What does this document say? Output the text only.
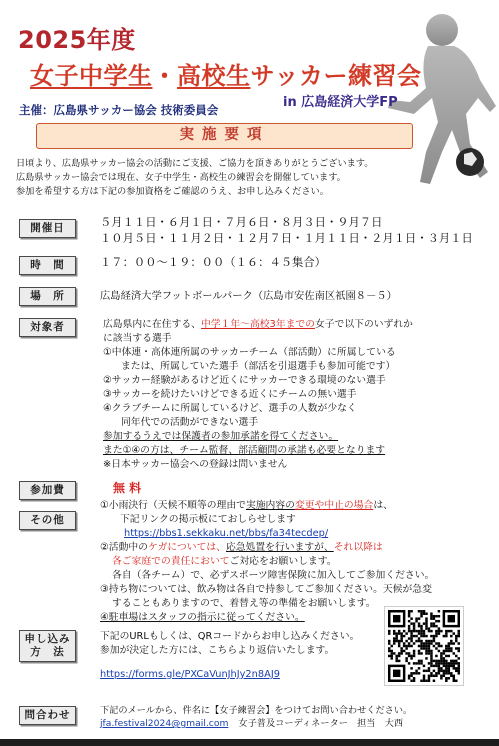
2025年度
女子中学生・高校生サッカー練習会
in 広島経済大学FP
主催：広島県サッカー協会 技術委員会
実施要項
日頃より、広島県サッカー協会の活動にご支援、ご協力を頂きありがとうございます。
広島県サッカー協会では現在、女子中学生・高校生の練習会を開催しています。
参加を希望する方は下記の参加資格をご確認のうえ、お申し込みください。
開催日	５月１１日・６月１日・７月６日・８月３日・９月７日
１０月５日・１１月２日・１２月７日・１月１１日・２月１日・３月１日
時　間	１７：００～１９：００（１６：４５集合）
場　所	広島経済大学フットボールパーク（広島市安佐南区祇園８－５）
対象者	広島県内に在住する、中学１年～高校3年までの女子で以下のいずれか
に該当する選手
①中体連・高体連所属のサッカーチーム（部活動）に所属している
または、所属していた選手（部活を引退選手も参加可能です）
②サッカー経験があるけど近くにサッカーできる環境のない選手
③サッカーを続けたいけどできる近くにチームの無い選手
④クラブチームに所属しているけど、選手の人数が少なく
同年代での活動ができない選手
参加するうえでは保護者の参加承諾を得てください。
また①④の方は、チーム監督、部活顧問の承諾も必要となります
※日本サッカー協会への登録は問いません
参加費	無 料
その他
①小雨決行（天候不順等の理由で実施内容の変更や中止の場合は、
下記リンクの掲示板にておしらせします
https://bbs1.sekkaku.net/bbs/fa34tecdep/
②活動中のケガについては、応急処置を行いますが、それ以降は
各ご家庭での責任においてご対応をお願いします。
各自（各チーム）で、必ずスポーツ障害保険に加入してご参加ください。
③持ち物については、飲み物は各自で持参してご参加ください。天候が急変
することもありますので、着替え等の準備をお願いします。
④駐車場はスタッフの指示に従ってください。
申し込み
方　法
下記のURLもしくは、QRコードからお申し込みください。
参加が決定した方には、こちらより返信いたします。
https://forms.gle/PXCaVunJhJy2n8AJ9
問合わせ	下記のメールから、件名に【女子練習会】をつけてお問い合わせください。
jfa.festival2024@gmail.com 女子普及コーディネーター　担当　大西
